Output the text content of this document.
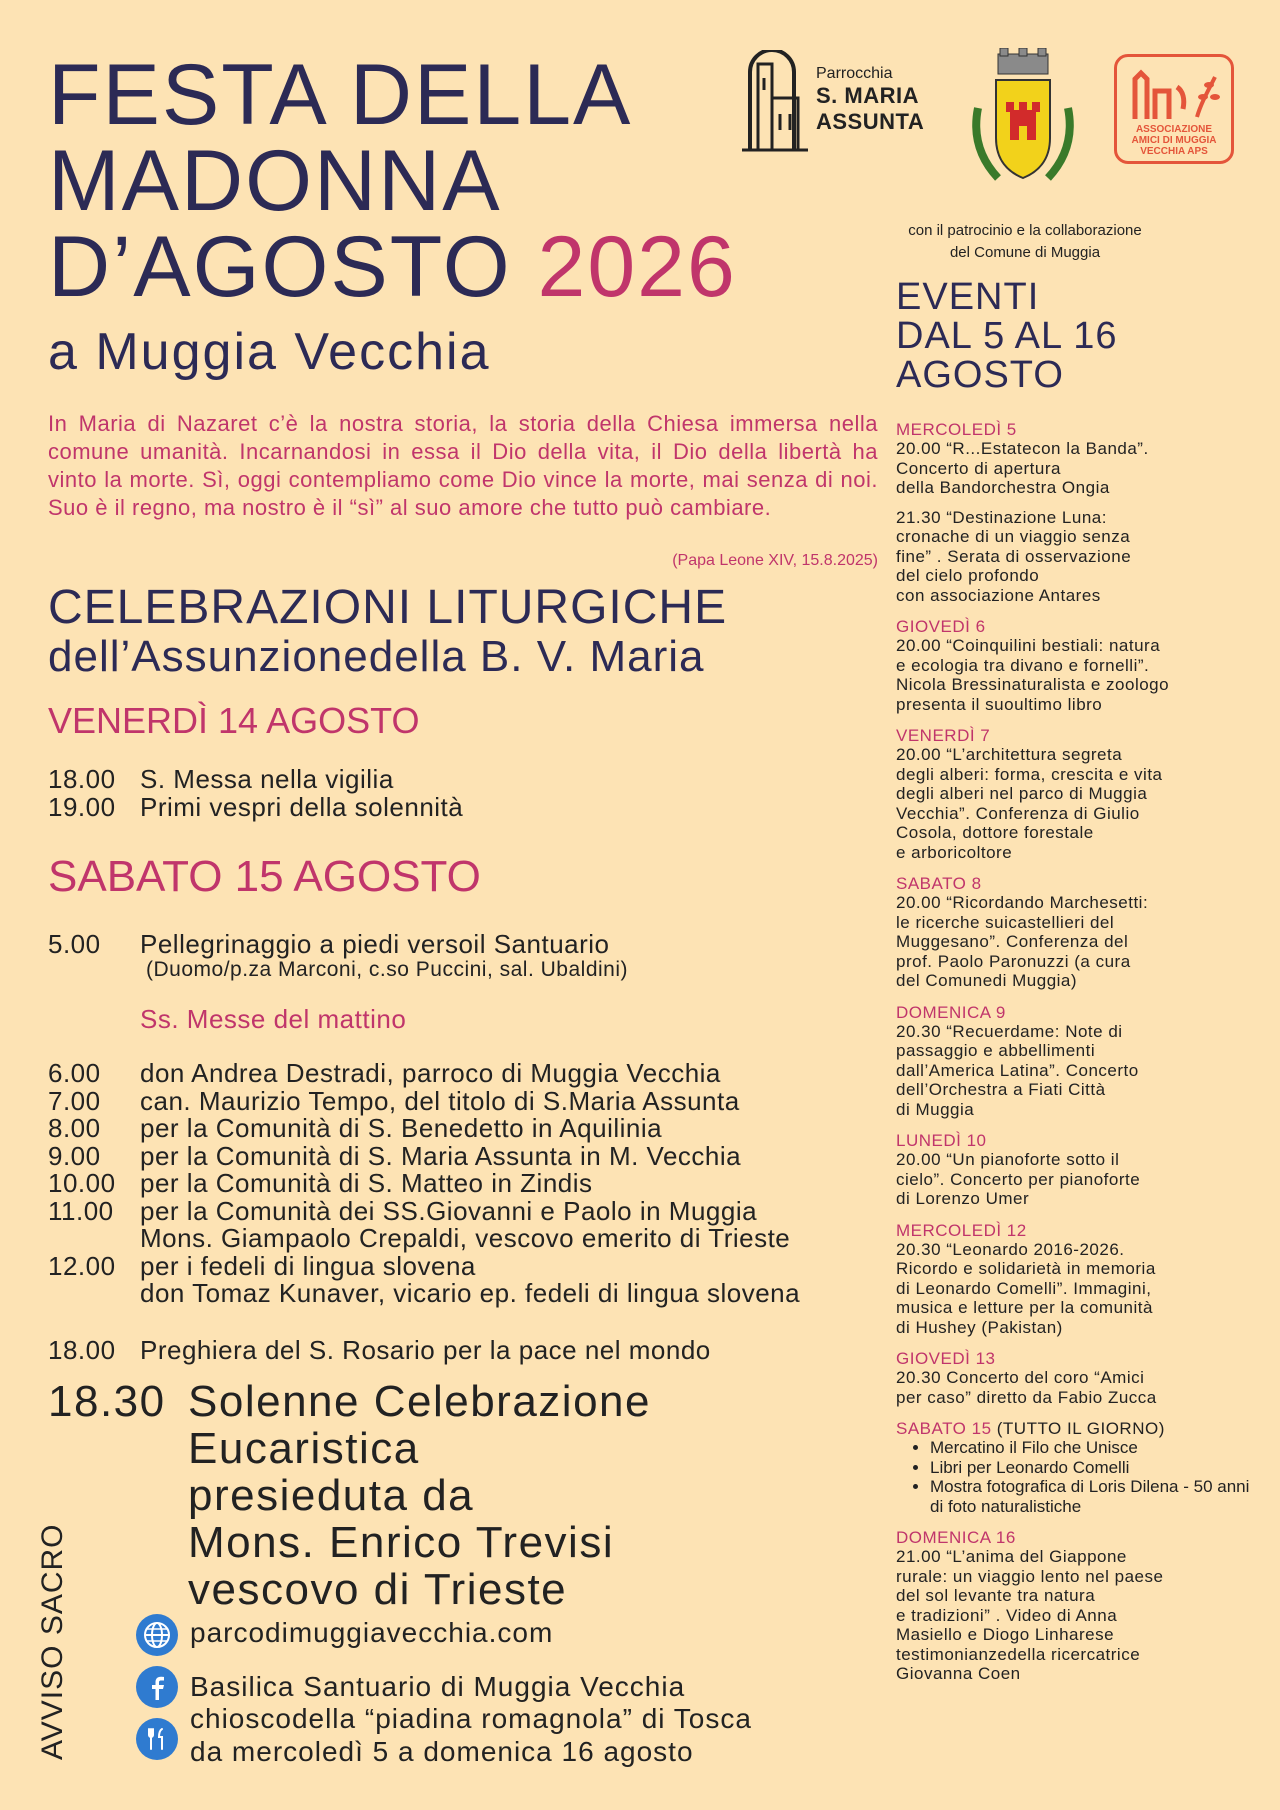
FESTA DELLA
MADONNA
D’AGOSTO 2026
a Muggia Vecchia
In Maria di Nazaret c’è la nostra storia, la storia della Chiesa immersa nella comune umanità. Incarnandosi in essa il Dio della vita, il Dio della libertà ha vinto la morte. Sì, oggi contempliamo come Dio vince la morte, mai senza di noi. Suo è il regno, ma nostro è il “sì” al suo amore che tutto può cambiare.
(Papa Leone XIV, 15.8.2025)
CELEBRAZIONI LITURGICHE
dell’Assunzionedella B. V. Maria
VENERDÌ 14 AGOSTO
18.00 S. Messa nella vigilia
19.00 Primi vespri della solennità
SABATO 15 AGOSTO
5.00 Pellegrinaggio a piedi versoil Santuario
(Duomo/p.za Marconi, c.so Puccini, sal. Ubaldini)
Ss. Messe del mattino
6.00 don Andrea Destradi, parroco di Muggia Vecchia
7.00 can. Maurizio Tempo, del titolo di S.Maria Assunta
8.00 per la Comunità di S. Benedetto in Aquilinia
9.00 per la Comunità di S. Maria Assunta in M. Vecchia
10.00 per la Comunità di S. Matteo in Zindis
11.00 per la Comunità dei SS.Giovanni e Paolo in Muggia
Mons. Giampaolo Crepaldi, vescovo emerito di Trieste
12.00 per i fedeli di lingua slovena
don Tomaz Kunaver, vicario ep. fedeli di lingua slovena
18.00 Preghiera del S. Rosario per la pace nel mondo
18.30 Solenne Celebrazione
Eucaristica
presieduta da
Mons. Enrico Trevisi
vescovo di Trieste
AVVISO SACRO	parcodimuggiavecchia.com
Basilica Santuario di Muggia Vecchia
chioscodella “piadina romagnola” di Tosca
da mercoledì 5 a domenica 16 agosto
Parrocchia
S. MARIA
ASSUNTA	ASSOCIAZIONE
AMICI DI MUGGIA
VECCHIA APS
con il patrocinio e la collaborazione
del Comune di Muggia
EVENTI
DAL 5 AL 16
AGOSTO
MERCOLEDÌ 5
20.00 “R...Estatecon la Banda”.
Concerto di apertura
della Bandorchestra Ongia
21.30 “Destinazione Luna:
cronache di un viaggio senza
fine” . Serata di osservazione
del cielo profondo
con associazione Antares
GIOVEDÌ 6
20.00 “Coinquilini bestiali: natura
e ecologia tra divano e fornelli”.
Nicola Bressinaturalista e zoologo
presenta il suoultimo libro
VENERDÌ 7
20.00 “L’architettura segreta
degli alberi: forma, crescita e vita
degli alberi nel parco di Muggia
Vecchia”. Conferenza di Giulio
Cosola, dottore forestale
e arboricoltore
SABATO 8
20.00 “Ricordando Marchesetti:
le ricerche suicastellieri del
Muggesano”. Conferenza del
prof. Paolo Paronuzzi (a cura
del Comunedi Muggia)
DOMENICA 9
20.30 “Recuerdame: Note di
passaggio e abbellimenti
dall’America Latina”. Concerto
dell’Orchestra a Fiati Città
di Muggia
LUNEDÌ 10
20.00 “Un pianoforte sotto il
cielo”. Concerto per pianoforte
di Lorenzo Umer
MERCOLEDÌ 12
20.30 “Leonardo 2016-2026.
Ricordo e solidarietà in memoria
di Leonardo Comelli”. Immagini,
musica e letture per la comunità
di Hushey (Pakistan)
GIOVEDÌ 13
20.30 Concerto del coro “Amici
per caso” diretto da Fabio Zucca
SABATO 15 (TUTTO IL GIORNO)
• Mercatino il Filo che Unisce
• Libri per Leonardo Comelli
• Mostra fotografica di Loris Dilena - 50 anni di foto naturalistiche
DOMENICA 16
21.00 “L’anima del Giappone
rurale: un viaggio lento nel paese
del sol levante tra natura
e tradizioni” . Video di Anna
Masiello e Diogo Linharese
testimonianzedella ricercatrice
Giovanna Coen
